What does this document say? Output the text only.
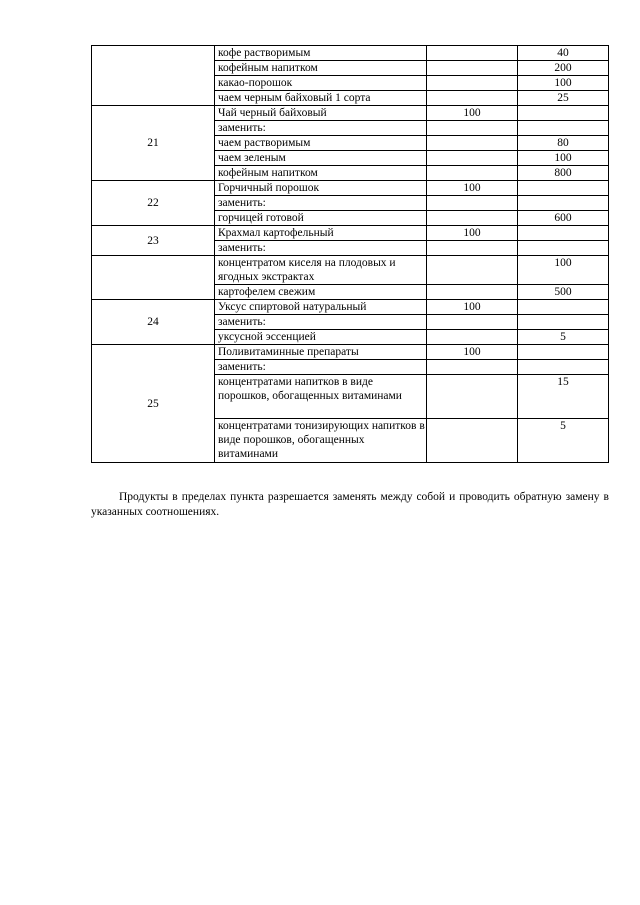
	кофе растворимым		40
	кофейным напитком		200
	какао-порошок		100
	чаем черным байховый 1 сорта		25
21	Чай черный байховый	100	
	заменить:		
	чаем растворимым		80
	чаем зеленым		100
	кофейным напитком		800
22	Горчичный порошок	100	
	заменить:		
	горчицей готовой		600
23	Крахмал картофельный	100	
	заменить:		
	концентратом киселя на плодовых и ягодных экстрактах		100
	картофелем свежим		500
24	Уксус спиртовой натуральный	100	
	заменить:		
	уксусной эссенцией		5
25	Поливитаминные препараты	100	
	заменить:		
	концентратами напитков в виде порошков, обогащенных витаминами		15
	концентратами тонизирующих напитков в виде порошков, обогащенных витаминами		5

Продукты в пределах пункта разрешается заменять между собой и проводить обратную замену в указанных соотношениях.
